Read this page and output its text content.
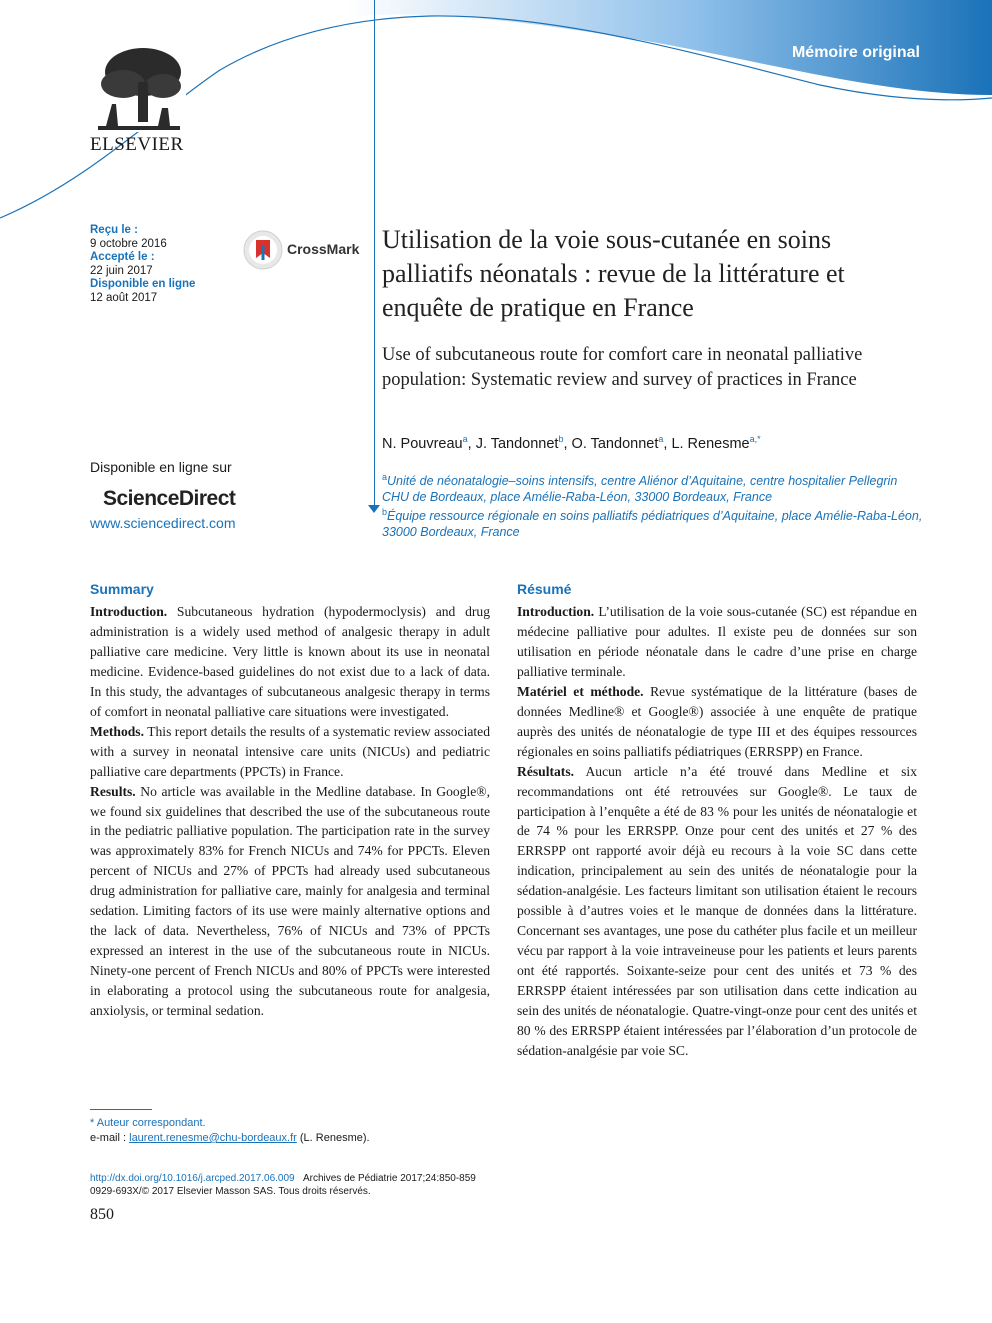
Mémoire original
ELSEVIER
Reçu le :
9 octobre 2016
Accepté le :
22 juin 2017
Disponible en ligne
12 août 2017
CrossMark
Disponible en ligne sur
ScienceDirect
www.sciencedirect.com
Utilisation de la voie sous-cutanée en soins palliatifs néonatals : revue de la littérature et enquête de pratique en France
Use of subcutaneous route for comfort care in neonatal palliative population: Systematic review and survey of practices in France
N. Pouvreau$^a$, J. Tandonnet$^b$, O. Tandonnet$^a$, L. Renesme$^{a,*}$

$^a$Unité de néonatalogie–soins intensifs, centre Aliénor d’Aquitaine, centre hospitalier Pellegrin CHU de Bordeaux, place Amélie-Raba-Léon, 33000 Bordeaux, France

$^b$Équipe ressource régionale en soins palliatifs pédiatriques d’Aquitaine, place Amélie-Raba-Léon, 33000 Bordeaux, France

Summary

Introduction. Subcutaneous hydration (hypodermoclysis) and drug administration is a widely used method of analgesic therapy in adult palliative care medicine. Very little is known about its use in neonatal medicine. Evidence-based guidelines do not exist due to a lack of data. In this study, the advantages of subcutaneous analgesic therapy in terms of comfort in neonatal palliative care situations were investigated.

Methods. This report details the results of a systematic review associated with a survey in neonatal intensive care units (NICUs) and pediatric palliative care departments (PPCTs) in France.

Results. No article was available in the Medline database. In Google®, we found six guidelines that described the use of the subcutaneous route in the pediatric palliative population. The participation rate in the survey was approximately 83% for French NICUs and 74% for PPCTs. Eleven percent of NICUs and 27% of PPCTs had already used subcutaneous drug administration for palliative care, mainly for analgesia and terminal sedation. Limiting factors of its use were mainly alternative options and the lack of data. Nevertheless, 76% of NICUs and 73% of PPCTs expressed an interest in the use of the subcutaneous route in NICUs. Ninety-one percent of French NICUs and 80% of PPCTs were interested in elaborating a protocol using the subcutaneous route for analgesia, anxiolysis, or terminal sedation.

Résumé

Introduction. L’utilisation de la voie sous-cutanée (SC) est répandue en médecine palliative pour adultes. Il existe peu de données sur son utilisation en période néonatale dans le cadre d’une prise en charge palliative terminale.

Matériel et méthode. Revue systématique de la littérature (bases de données Medline® et Google®) associée à une enquête de pratique auprès des unités de néonatalogie de type III et des équipes ressources régionales en soins palliatifs pédiatriques (ERRSPP) en France.

Résultats. Aucun article n’a été trouvé dans Medline et six recommandations ont été retrouvées sur Google®. Le taux de participation à l’enquête a été de 83 % pour les unités de néonatalogie et de 74 % pour les ERRSPP. Onze pour cent des unités et 27 % des ERRSPP ont rapporté avoir déjà eu recours à la voie SC dans cette indication, principalement au sein des unités de néonatalogie pour la sédation-analgésie. Les facteurs limitant son utilisation étaient le recours possible à d’autres voies et le manque de données dans la littérature. Concernant ses avantages, une pose du cathéter plus facile et un meilleur vécu par rapport à la voie intraveineuse pour les patients et leurs parents ont été rapportés. Soixante-seize pour cent des unités et 73 % des ERRSPP étaient intéressées par son utilisation dans cette indication au sein des unités de néonatalogie. Quatre-vingt-onze pour cent des unités et 80 % des ERRSPP étaient intéressées par l’élaboration d’un protocole de sédation-analgésie par voie SC.

* Auteur correspondant.
e-mail : laurent.renesme@chu-bordeaux.fr (L. Renesme).
http://dx.doi.org/10.1016/j.arcped.2017.06.009 Archives de Pédiatrie 2017;24:850-859
0929-693X/© 2017 Elsevier Masson SAS. Tous droits réservés.
850
